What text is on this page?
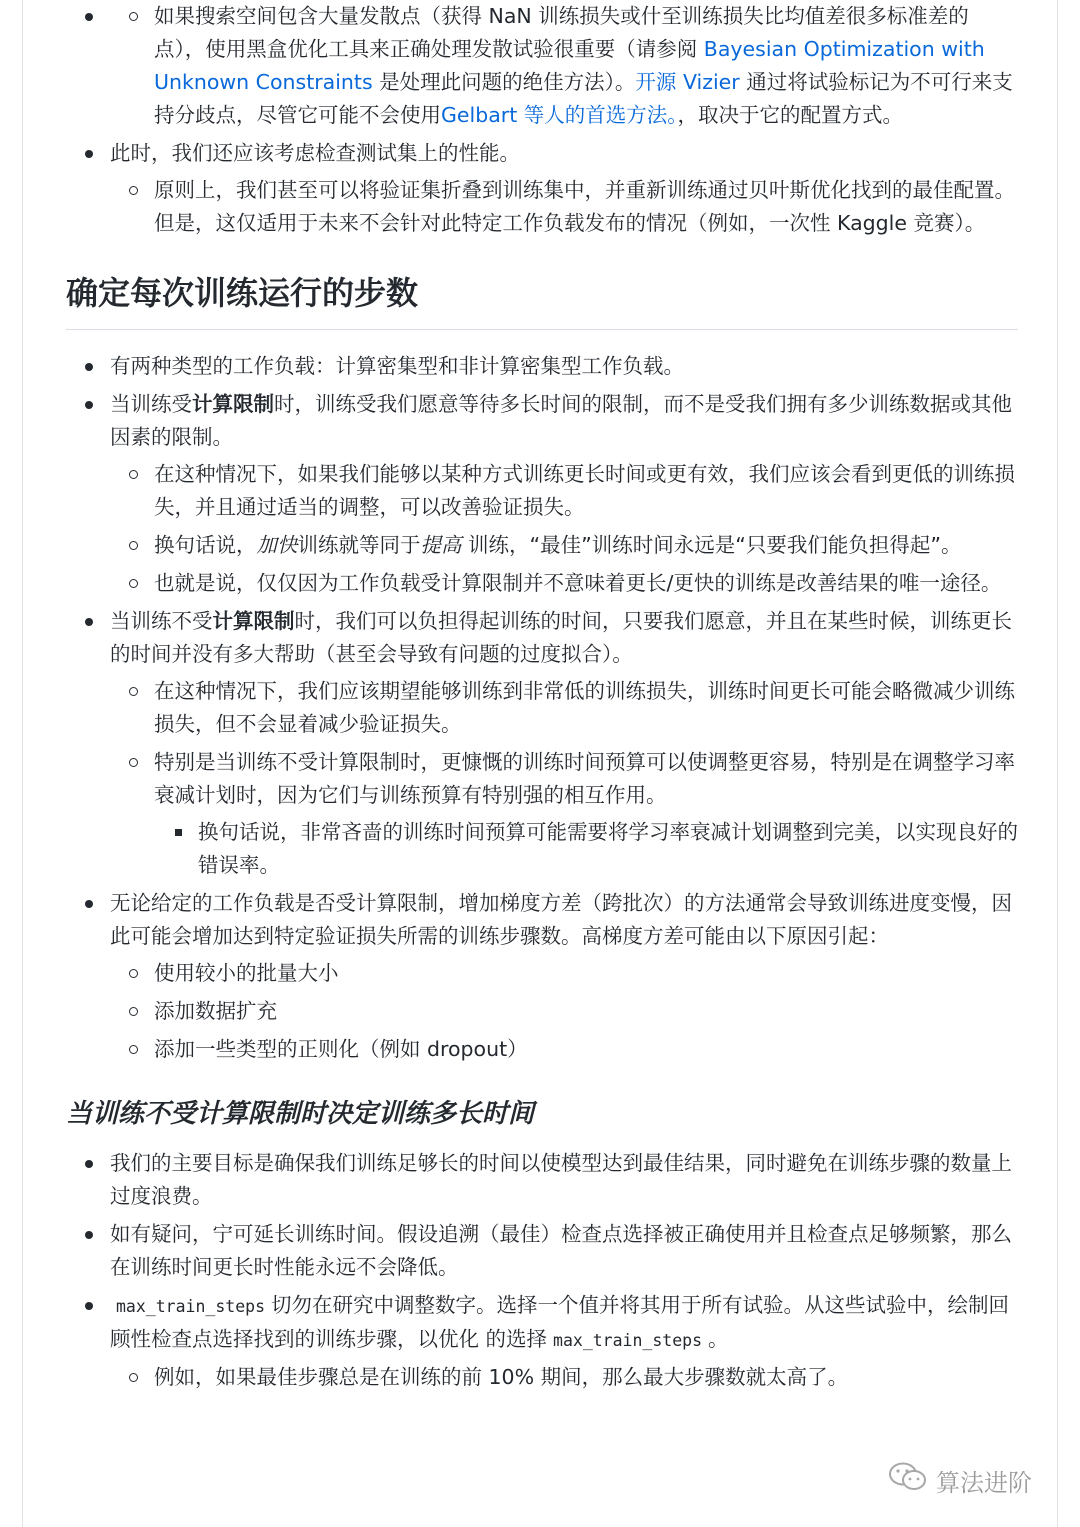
如果搜索空间包含大量发散点（获得 NaN 训练损失或什至训练损失比均值差很多标准差的点），使用黑盒优化工具来正确处理发散试验很重要（请参阅 Bayesian Optimization with Unknown Constraints 是处理此问题的绝佳方法）。开源 Vizier 通过将试验标记为不可行来支持分歧点，尽管它可能不会使用Gelbart 等人的首选方法。，取决于它的配置方式。
此时，我们还应该考虑检查测试集上的性能。
原则上，我们甚至可以将验证集折叠到训练集中，并重新训练通过贝叶斯优化找到的最佳配置。但是，这仅适用于未来不会针对此特定工作负载发布的情况（例如，一次性 Kaggle 竞赛）。
确定每次训练运行的步数
有两种类型的工作负载：计算密集型和非计算密集型工作负载。
当训练受计算限制时，训练受我们愿意等待多长时间的限制，而不是受我们拥有多少训练数据或其他因素的限制。
在这种情况下，如果我们能够以某种方式训练更长时间或更有效，我们应该会看到更低的训练损失，并且通过适当的调整，可以改善验证损失。
换句话说，加快训练就等同于提高 训练，“最佳”训练时间永远是“只要我们能负担得起”。
也就是说，仅仅因为工作负载受计算限制并不意味着更长/更快的训练是改善结果的唯一途径。
当训练不受计算限制时，我们可以负担得起训练的时间，只要我们愿意，并且在某些时候，训练更长的时间并没有多大帮助（甚至会导致有问题的过度拟合）。
在这种情况下，我们应该期望能够训练到非常低的训练损失，训练时间更长可能会略微减少训练损失，但不会显着减少验证损失。
特别是当训练不受计算限制时，更慷慨的训练时间预算可以使调整更容易，特别是在调整学习率衰减计划时，因为它们与训练预算有特别强的相互作用。
换句话说，非常吝啬的训练时间预算可能需要将学习率衰减计划调整到完美，以实现良好的错误率。
无论给定的工作负载是否受计算限制，增加梯度方差（跨批次）的方法通常会导致训练进度变慢，因此可能会增加达到特定验证损失所需的训练步骤数。高梯度方差可能由以下原因引起：
使用较小的批量大小
添加数据扩充
添加一些类型的正则化（例如 dropout）
当训练不受计算限制时决定训练多长时间
我们的主要目标是确保我们训练足够长的时间以使模型达到最佳结果，同时避免在训练步骤的数量上过度浪费。
如有疑问，宁可延长训练时间。假设追溯（最佳）检查点选择被正确使用并且检查点足够频繁，那么在训练时间更长时性能永远不会降低。
max_train_steps 切勿在研究中调整数字。选择一个值并将其用于所有试验。从这些试验中，绘制回顾性检查点选择找到的训练步骤，以优化 的选择 max_train_steps 。
例如，如果最佳步骤总是在训练的前 10% 期间，那么最大步骤数就太高了。
算法进阶
